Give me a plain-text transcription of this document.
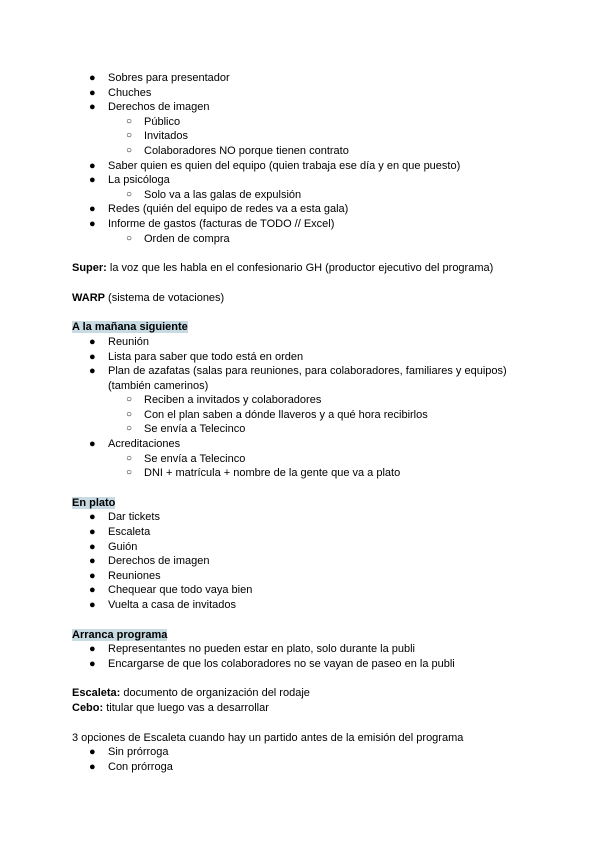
● Sobres para presentador
● Chuches
● Derechos de imagen
○ Público
○ Invitados
○ Colaboradores NO porque tienen contrato
● Saber quien es quien del equipo (quien trabaja ese día y en que puesto)
● La psicóloga
○ Solo va a las galas de expulsión
● Redes (quién del equipo de redes va a esta gala)
● Informe de gastos (facturas de TODO // Excel)
○ Orden de compra

Super: la voz que les habla en el confesionario GH (productor ejecutivo del programa)

WARP (sistema de votaciones)

A la mañana siguiente

● Reunión
● Lista para saber que todo está en orden
● Plan de azafatas (salas para reuniones, para colaboradores, familiares y equipos) (también camerinos)
○ Reciben a invitados y colaboradores
○ Con el plan saben a dónde llaveros y a qué hora recibirlos
○ Se envía a Telecinco
● Acreditaciones
○ Se envía a Telecinco
○ DNI + matrícula + nombre de la gente que va a plato

En plato

● Dar tickets
● Escaleta
● Guión
● Derechos de imagen
● Reuniones
● Chequear que todo vaya bien
● Vuelta a casa de invitados

Arranca programa

● Representantes no pueden estar en plato, solo durante la publi
● Encargarse de que los colaboradores no se vayan de paseo en la publi

Escaleta: documento de organización del rodaje

Cebo: titular que luego vas a desarrollar

3 opciones de Escaleta cuando hay un partido antes de la emisión del programa

● Sin prórroga
● Con prórroga
